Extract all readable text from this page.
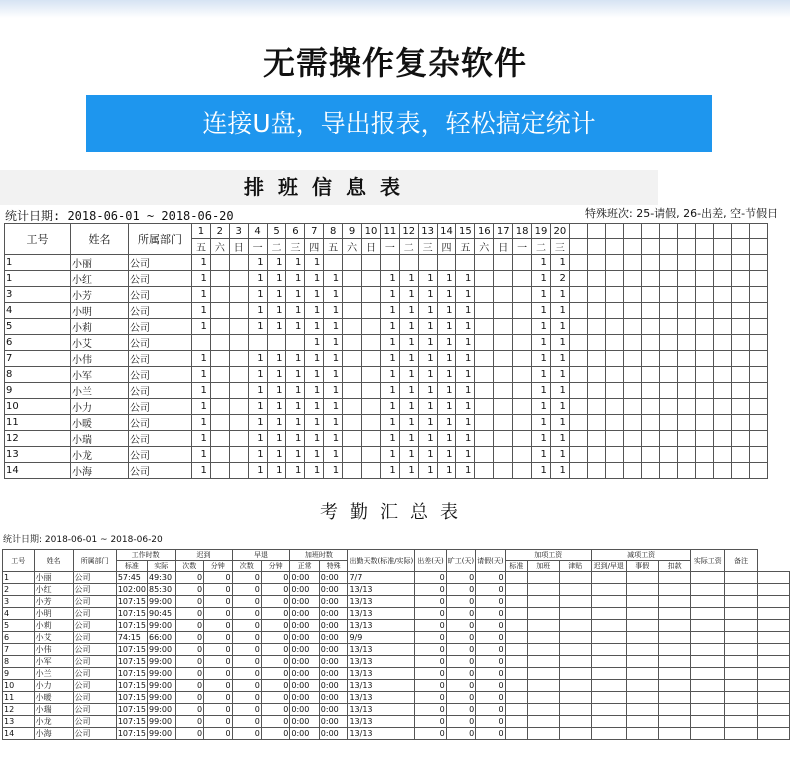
无需操作复杂软件
连接U盘，导出报表，轻松搞定统计
排班信息表
统计日期: 2018-06-01 ~ 2018-06-20	特殊班次: 25-请假, 26-出差, 空-节假日
工号	姓名	所属部门	1	2	3	4	5	6	7	8	9	10	11	12	13	14	15	16	17	18	19	20											
			五	六	日	一	二	三	四	五	六	日	一	二	三	四	五	六	日	一	二	三											
1	小丽	公司	1			1	1	1	1												1	1											
1	小红	公司	1			1	1	1	1	1			1	1	1	1	1				1	2											
3	小芳	公司	1			1	1	1	1	1			1	1	1	1	1				1	1											
4	小明	公司	1			1	1	1	1	1			1	1	1	1	1				1	1											
5	小莉	公司	1			1	1	1	1	1			1	1	1	1	1				1	1											
6	小艾	公司							1	1			1	1	1	1	1				1	1											
7	小伟	公司	1			1	1	1	1	1			1	1	1	1	1				1	1											
8	小军	公司	1			1	1	1	1	1			1	1	1	1	1				1	1											
9	小兰	公司	1			1	1	1	1	1			1	1	1	1	1				1	1											
10	小力	公司	1			1	1	1	1	1			1	1	1	1	1				1	1											
11	小暖	公司	1			1	1	1	1	1			1	1	1	1	1				1	1											
12	小瑞	公司	1			1	1	1	1	1			1	1	1	1	1				1	1											
13	小龙	公司	1			1	1	1	1	1			1	1	1	1	1				1	1											
14	小海	公司	1			1	1	1	1	1			1	1	1	1	1				1	1											
考勤汇总表
统计日期: 2018-06-01 ~ 2018-06-20
工号	姓名	所属部门	工作时数		迟到		早退		加班时数		出勤天数(标准/实际)	出差(天)	旷工(天)	请假(天)	加项工资			减项工资			实际工资	备注	
			标准	实际	次数	分钟	次数	分钟	正常	特殊					标准	加班	津贴	迟到/早退	事假	扣款			
1	小丽	公司	57:45	49:30	0	0	0	0	0:00	0:00	7/7	0	0	0									
2	小红	公司	102:00	85:30	0	0	0	0	0:00	0:00	13/13	0	0	0									
3	小芳	公司	107:15	99:00	0	0	0	0	0:00	0:00	13/13	0	0	0									
4	小明	公司	107:15	90:45	0	0	0	0	0:00	0:00	13/13	0	0	0									
5	小莉	公司	107:15	99:00	0	0	0	0	0:00	0:00	13/13	0	0	0									
6	小艾	公司	74:15	66:00	0	0	0	0	0:00	0:00	9/9	0	0	0									
7	小伟	公司	107:15	99:00	0	0	0	0	0:00	0:00	13/13	0	0	0									
8	小军	公司	107:15	99:00	0	0	0	0	0:00	0:00	13/13	0	0	0									
9	小兰	公司	107:15	99:00	0	0	0	0	0:00	0:00	13/13	0	0	0									
10	小力	公司	107:15	99:00	0	0	0	0	0:00	0:00	13/13	0	0	0									
11	小暖	公司	107:15	99:00	0	0	0	0	0:00	0:00	13/13	0	0	0									
12	小瑞	公司	107:15	99:00	0	0	0	0	0:00	0:00	13/13	0	0	0									
13	小龙	公司	107:15	99:00	0	0	0	0	0:00	0:00	13/13	0	0	0									
14	小海	公司	107:15	99:00	0	0	0	0	0:00	0:00	13/13	0	0	0									
